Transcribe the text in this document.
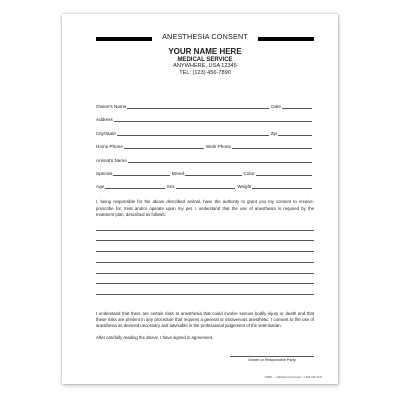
ANESTHESIA CONSENT
YOUR NAME HERE
MEDICAL SERVICE
ANYWHERE, USA 12345
TEL: (123) 456-7890
Owner's Name	Date
Address
City/State	Zip
Home Phone	Work Phone
Animal's Name
Species	Breed	Color
Age	Sex	Weight
I, being responsible for the above described animal, have the authority to grant you my consent to receive, prescribe for, treat and/or operate upon my pet. I understand that the use of anesthesia is required by the treatment plan, described as follows:
I understand that there are certain risks to anesthesia that could involve serious bodily injury or death and that these risks are present in any procedure that requires a general or intravenous anesthetic. I consent to the use of anesthesia as deemed necessary and advisable in the professional judgement of the veterinarian.
After carefully reading the above, I have signed in agreement.
Owner or Responsible Party
Y0680 — ©Medical Arts Press® • 1-800-328-2179
